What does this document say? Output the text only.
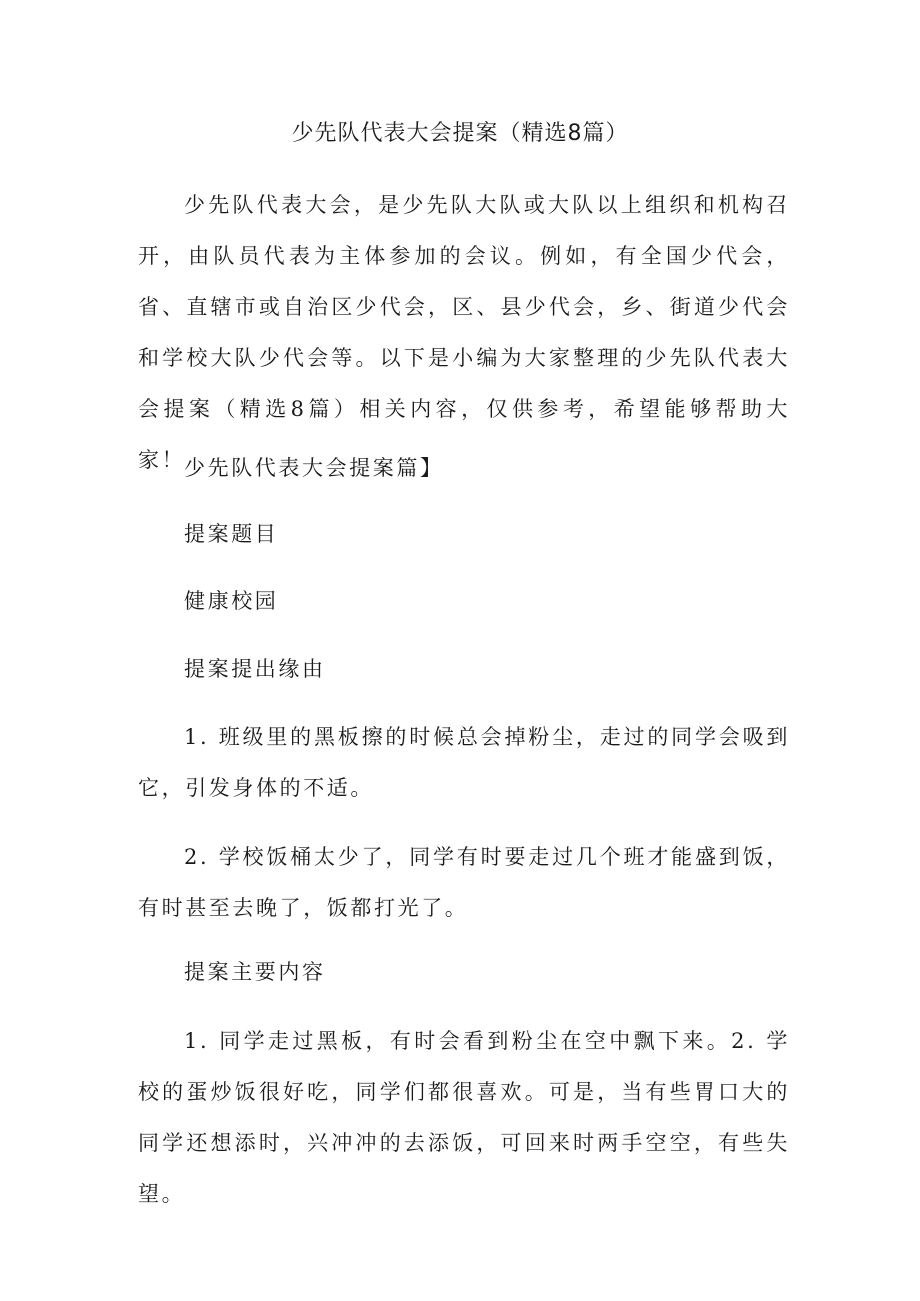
少先队代表大会提案（精选8篇）

少先队代表大会，是少先队大队或大队以上组织和机构召开，由队员代表为主体参加的会议。例如，有全国少代会，省、直辖市或自治区少代会，区、县少代会，乡、街道少代会和学校大队少代会等。以下是小编为大家整理的少先队代表大会提案（精选8篇）相关内容，仅供参考，希望能够帮助大家！

少先队代表大会提案篇】

提案题目

健康校园

提案提出缘由

1. 班级里的黑板擦的时候总会掉粉尘，走过的同学会吸到它，引发身体的不适。

2. 学校饭桶太少了，同学有时要走过几个班才能盛到饭，有时甚至去晚了，饭都打光了。

提案主要内容

1. 同学走过黑板，有时会看到粉尘在空中飘下来。2. 学校的蛋炒饭很好吃，同学们都很喜欢。可是，当有些胃口大的同学还想添时，兴冲冲的去添饭，可回来时两手空空，有些失望。
